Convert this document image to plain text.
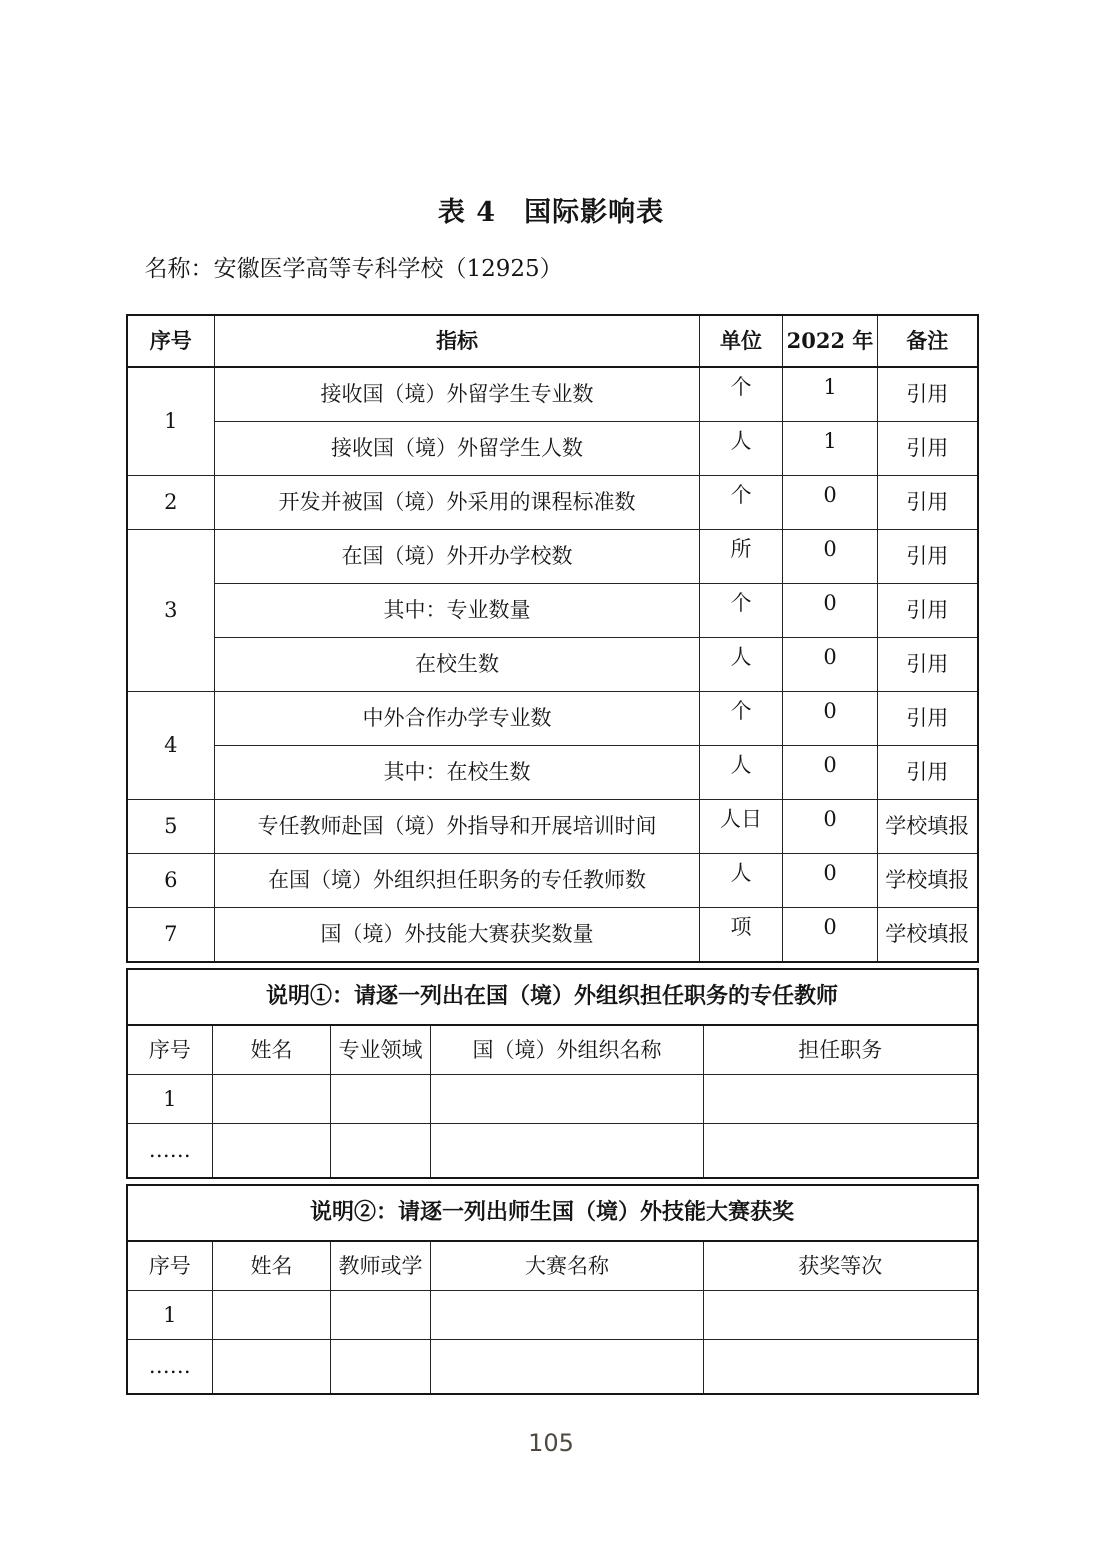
表 4　国际影响表
名称：安徽医学高等专科学校（12925）
序号	指标	单位	2022 年	备注
1	接收国（境）外留学生专业数	个	1	引用
	接收国（境）外留学生人数	人	1	引用
2	开发并被国（境）外采用的课程标准数	个	0	引用
3	在国（境）外开办学校数	所	0	引用
	其中：专业数量	个	0	引用
	在校生数	人	0	引用
4	中外合作办学专业数	个	0	引用
	其中：在校生数	人	0	引用
5	专任教师赴国（境）外指导和开展培训时间	人日	0	学校填报
6	在国（境）外组织担任职务的专任教师数	人	0	学校填报
7	国（境）外技能大赛获奖数量	项	0	学校填报
说明①：请逐一列出在国（境）外组织担任职务的专任教师				
序号	姓名	专业领域	国（境）外组织名称	担任职务
1				
……				
说明②：请逐一列出师生国（境）外技能大赛获奖				
序号	姓名	教师或学	大赛名称	获奖等次
1				
……				
105
